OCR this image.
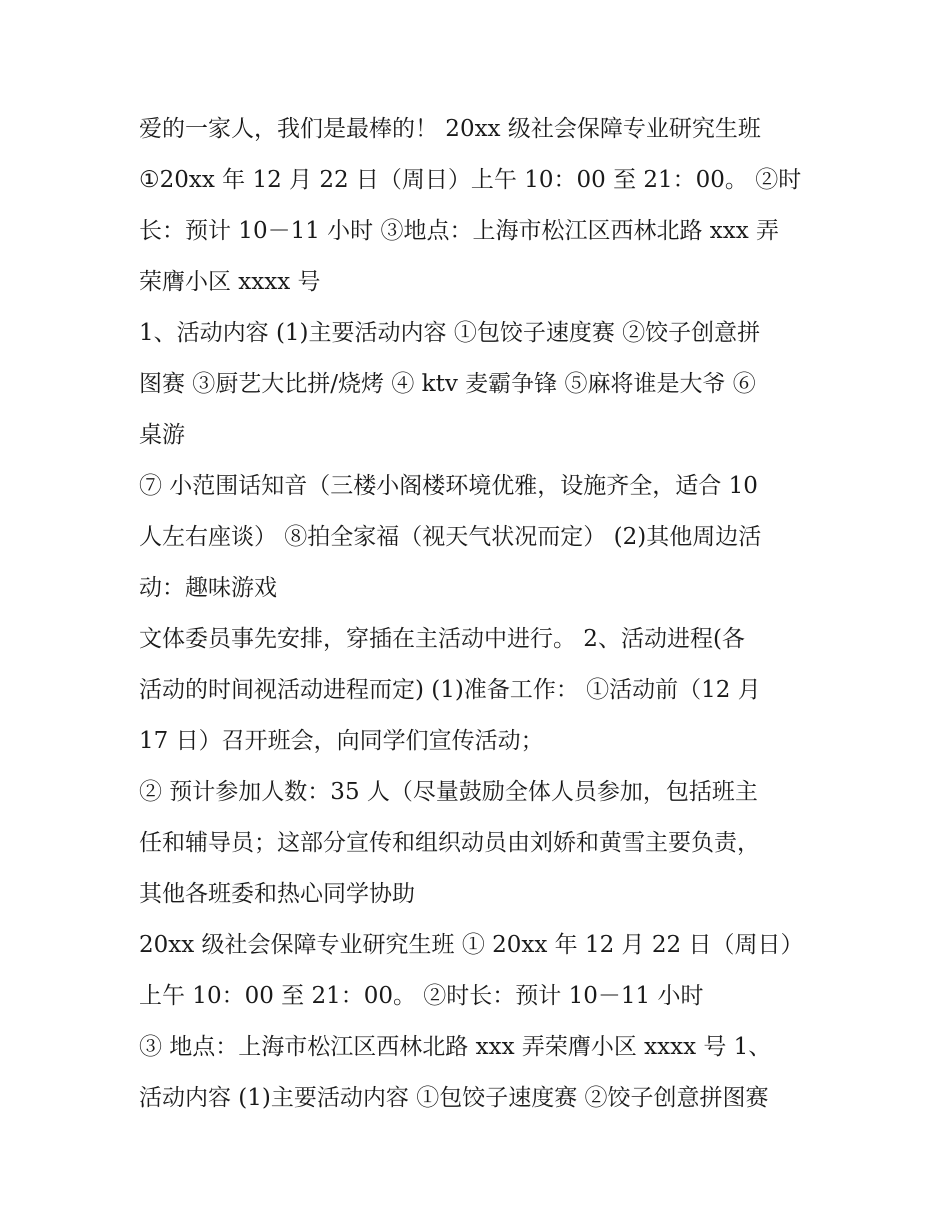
爱的一家人，我们是最棒的！ 20xx 级社会保障专业研究生班
①20xx 年 12 月 22 日（周日）上午 10：00 至 21：00。 ②时
长：预计 10－11 小时 ③地点：上海市松江区西林北路 xxx 弄
荣膺小区 xxxx 号
1、活动内容 (1)主要活动内容 ①包饺子速度赛 ②饺子创意拼
图赛 ③厨艺大比拼/烧烤 ④ ktv 麦霸争锋 ⑤麻将谁是大爷 ⑥
桌游
⑦ 小范围话知音（三楼小阁楼环境优雅，设施齐全，适合 10
人左右座谈） ⑧拍全家福（视天气状况而定） (2)其他周边活
动：趣味游戏
文体委员事先安排，穿插在主活动中进行。 2、活动进程(各
活动的时间视活动进程而定) (1)准备工作： ①活动前（12 月
17 日）召开班会，向同学们宣传活动；
② 预计参加人数：35 人（尽量鼓励全体人员参加，包括班主
任和辅导员；这部分宣传和组织动员由刘娇和黄雪主要负责，
其他各班委和热心同学协助
20xx 级社会保障专业研究生班 ① 20xx 年 12 月 22 日（周日）
上午 10：00 至 21：00。 ②时长：预计 10－11 小时
③ 地点：上海市松江区西林北路 xxx 弄荣膺小区 xxxx 号 1、
活动内容 (1)主要活动内容 ①包饺子速度赛 ②饺子创意拼图赛
